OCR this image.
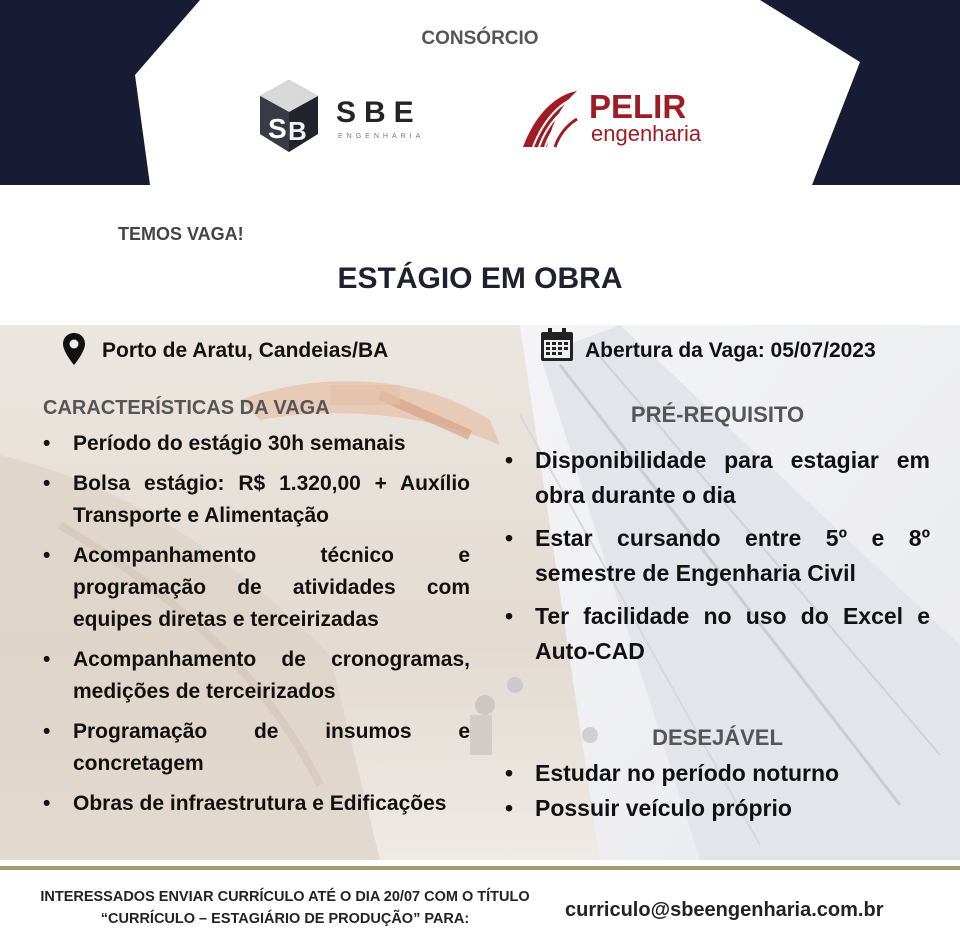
CONSÓRCIO
S B
SBE
ENGENHARIA
PELIR
engenharia
TEMOS VAGA!
ESTÁGIO EM OBRA
Porto de Aratu, Candeias/BA	Abertura da Vaga: 05/07/2023
CARACTERÍSTICAS DA VAGA
• Período do estágio 30h semanais
• Bolsa estágio: R$ 1.320,00 + Auxílio Transporte e Alimentação
• Acompanhamento técnico e programação de atividades com equipes diretas e terceirizadas
• Acompanhamento de cronogramas, medições de terceirizados
• Programação de insumos e concretagem
• Obras de infraestrutura e Edificações
PRÉ-REQUISITO
• Disponibilidade para estagiar em obra durante o dia
• Estar cursando entre 5º e 8º semestre de Engenharia Civil
• Ter facilidade no uso do Excel e Auto-CAD
DESEJÁVEL
• Estudar no período noturno
• Possuir veículo próprio
INTERESSADOS ENVIAR CURRÍCULO ATÉ O DIA 20/07 COM O TÍTULO “CURRÍCULO – ESTAGIÁRIO DE PRODUÇÃO” PARA:	curriculo@sbeengenharia.com.br
